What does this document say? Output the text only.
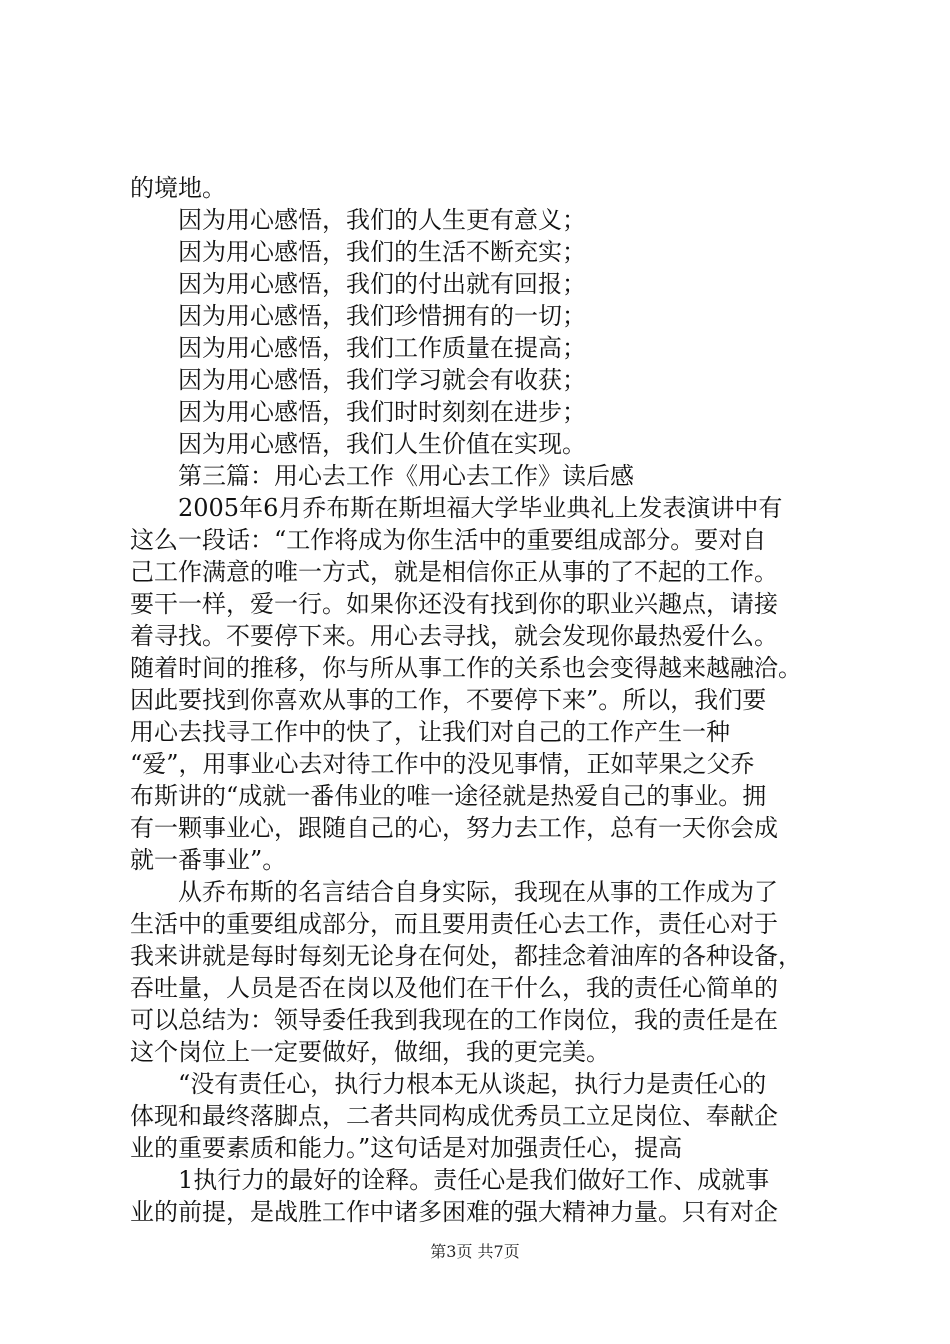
的境地。
因为用心感悟，我们的人生更有意义；
因为用心感悟，我们的生活不断充实；
因为用心感悟，我们的付出就有回报；
因为用心感悟，我们珍惜拥有的一切；
因为用心感悟，我们工作质量在提高；
因为用心感悟，我们学习就会有收获；
因为用心感悟，我们时时刻刻在进步；
因为用心感悟，我们人生价值在实现。
第三篇：用心去工作《用心去工作》读后感
2005年6月乔布斯在斯坦福大学毕业典礼上发表演讲中有
这么一段话：“工作将成为你生活中的重要组成部分。要对自
己工作满意的唯一方式，就是相信你正从事的了不起的工作。
要干一样，爱一行。如果你还没有找到你的职业兴趣点，请接
着寻找。不要停下来。用心去寻找，就会发现你最热爱什么。
随着时间的推移，你与所从事工作的关系也会变得越来越融洽。
因此要找到你喜欢从事的工作，不要停下来”。所以，我们要
用心去找寻工作中的快了，让我们对自己的工作产生一种
“爱”，用事业心去对待工作中的没见事情，正如苹果之父乔
布斯讲的“成就一番伟业的唯一途径就是热爱自己的事业。拥
有一颗事业心，跟随自己的心，努力去工作，总有一天你会成
就一番事业”。
从乔布斯的名言结合自身实际，我现在从事的工作成为了
生活中的重要组成部分，而且要用责任心去工作，责任心对于
我来讲就是每时每刻无论身在何处，都挂念着油库的各种设备，
吞吐量，人员是否在岗以及他们在干什么，我的责任心简单的
可以总结为：领导委任我到我现在的工作岗位，我的责任是在
这个岗位上一定要做好，做细，我的更完美。
“没有责任心，执行力根本无从谈起，执行力是责任心的
体现和最终落脚点，二者共同构成优秀员工立足岗位、奉献企
业的重要素质和能力。”这句话是对加强责任心，提高
1执行力的最好的诠释。责任心是我们做好工作、成就事
业的前提，是战胜工作中诸多困难的强大精神力量。只有对企
第3页 共7页
